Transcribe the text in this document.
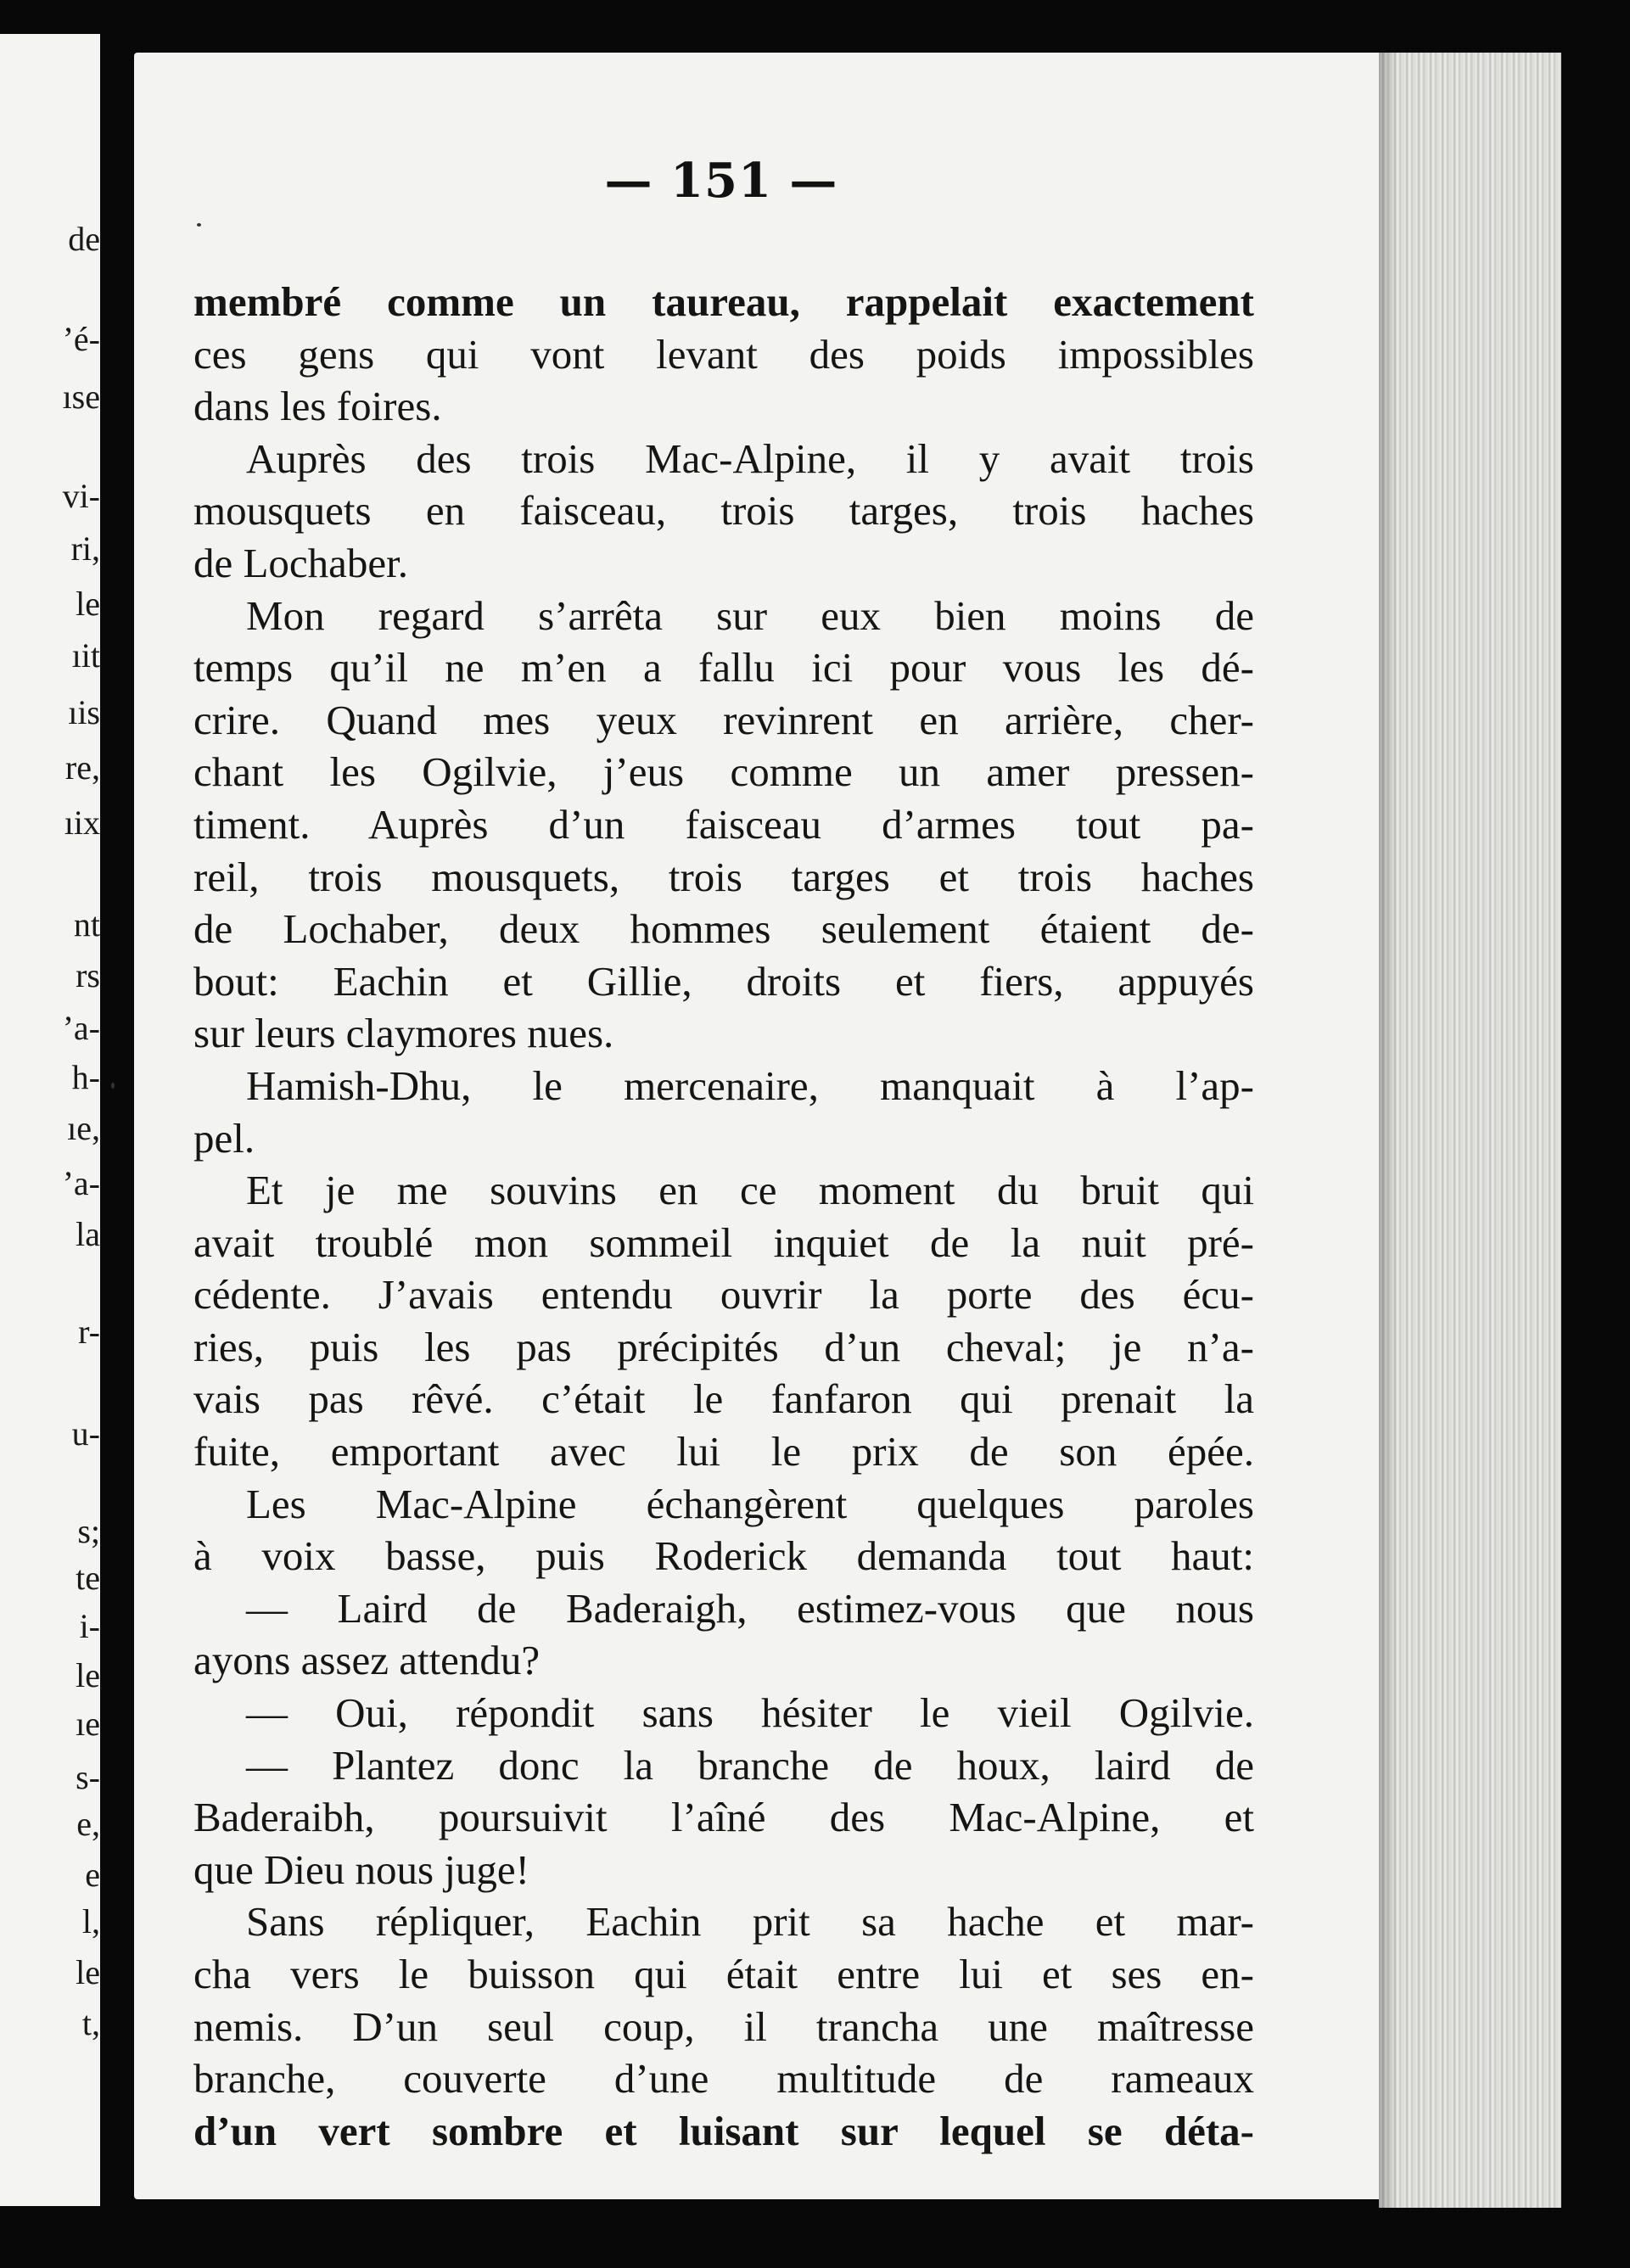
de
’é-
ıse
vi-
ri,
le
ıit
ıis
re,
ıix
nt
rs
’a-
h-
ıe,
’a-
la
r-
u-
s;
te
i-
le
ıe
s-
e,
e
l,
le
t,
— 151 —
membré comme un taureau, rappelait exactement
ces gens qui vont levant des poids impossibles
dans les foires.
Auprès des trois Mac-Alpine, il y avait trois
mousquets en faisceau, trois targes, trois haches
de Lochaber.
Mon regard s’arrêta sur eux bien moins de
temps qu’il ne m’en a fallu ici pour vous les dé-
crire. Quand mes yeux revinrent en arrière, cher-
chant les Ogilvie, j’eus comme un amer pressen-
timent. Auprès d’un faisceau d’armes tout pa-
reil, trois mousquets, trois targes et trois haches
de Lochaber, deux hommes seulement étaient de-
bout: Eachin et Gillie, droits et fiers, appuyés
sur leurs claymores nues.
Hamish-Dhu, le mercenaire, manquait à l’ap-
pel.
Et je me souvins en ce moment du bruit qui
avait troublé mon sommeil inquiet de la nuit pré-
cédente. J’avais entendu ouvrir la porte des écu-
ries, puis les pas précipités d’un cheval; je n’a-
vais pas rêvé. c’était le fanfaron qui prenait la
fuite, emportant avec lui le prix de son épée.
Les Mac-Alpine échangèrent quelques paroles
à voix basse, puis Roderick demanda tout haut:
— Laird de Baderaigh, estimez-vous que nous
ayons assez attendu?
— Oui, répondit sans hésiter le vieil Ogilvie.
— Plantez donc la branche de houx, laird de
Baderaibh, poursuivit l’aîné des Mac-Alpine, et
que Dieu nous juge!
Sans répliquer, Eachin prit sa hache et mar-
cha vers le buisson qui était entre lui et ses en-
nemis. D’un seul coup, il trancha une maîtresse
branche, couverte d’une multitude de rameaux
d’un vert sombre et luisant sur lequel se déta-
